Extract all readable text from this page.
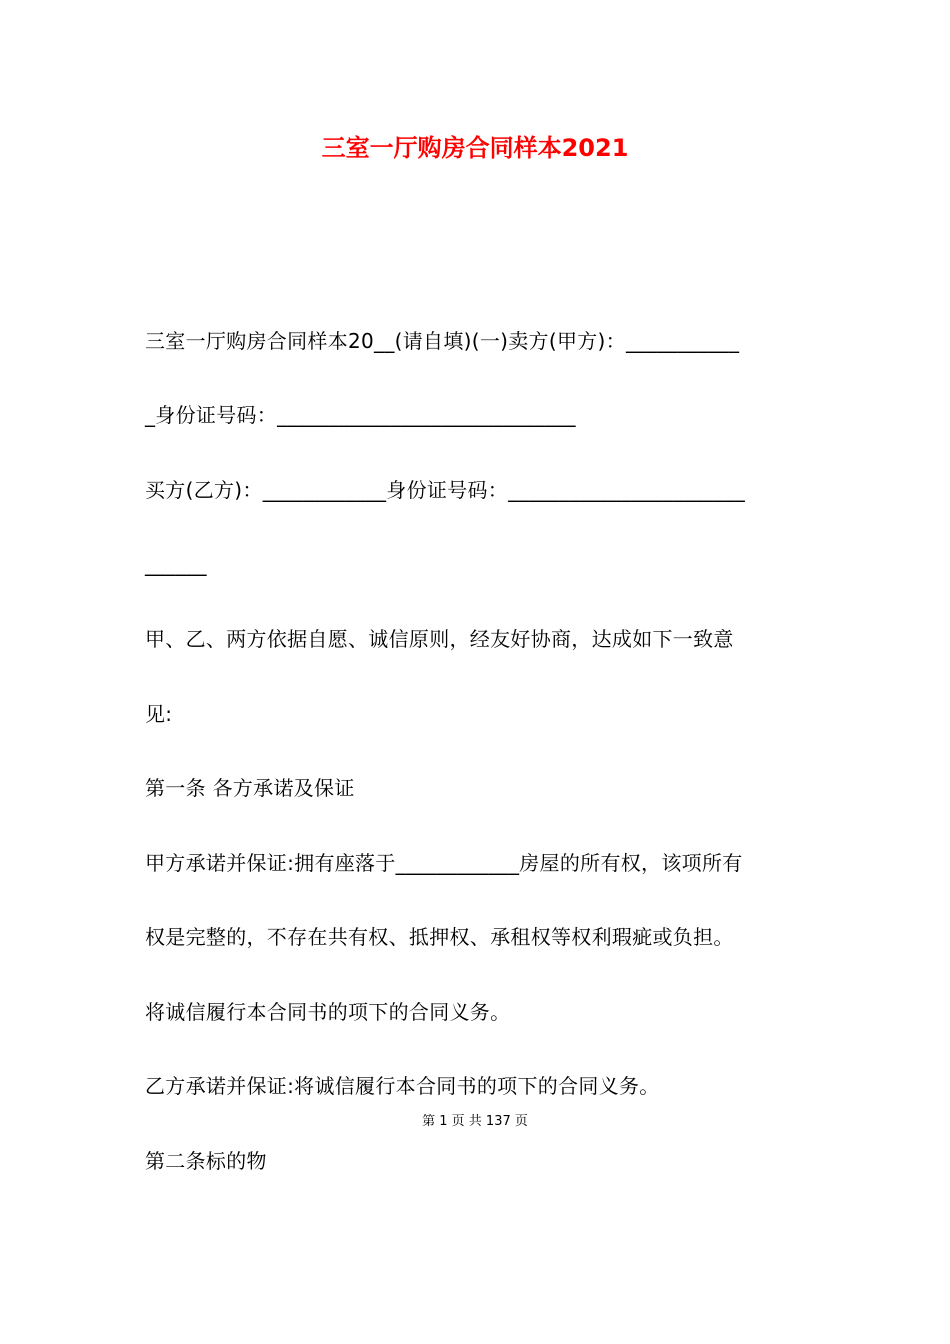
三室一厅购房合同样本2021
三室一厅购房合同样本20__(请自填)(一)卖方(甲方)：___________
_身份证号码：_____________________________
买方(乙方)：____________身份证号码：_______________________
______
甲、乙、两方依据自愿、诚信原则，经友好协商，达成如下一致意
见:
第一条 各方承诺及保证
甲方承诺并保证:拥有座落于____________房屋的所有权，该项所有
权是完整的，不存在共有权、抵押权、承租权等权利瑕疵或负担。
将诚信履行本合同书的项下的合同义务。
乙方承诺并保证:将诚信履行本合同书的项下的合同义务。
第 1 页 共 137 页
第二条标的物
